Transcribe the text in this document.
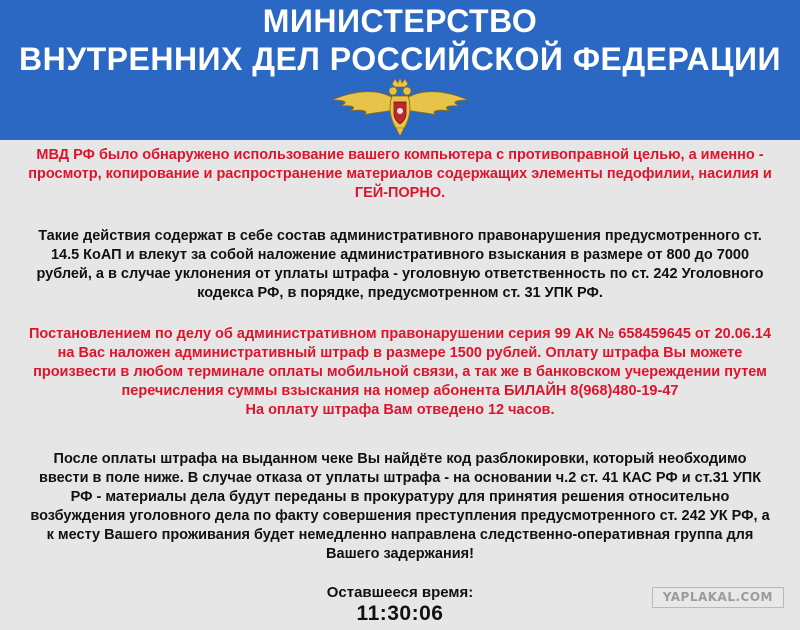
МИНИСТЕРСТВО
ВНУТРЕННИХ ДЕЛ РОССИЙСКОЙ ФЕДЕРАЦИИ
МВД РФ было обнаружено использование вашего компьютера с противоправной целью, а именно -
просмотр, копирование и распространение материалов содержащих элементы педофилии, насилия и
ГЕЙ-ПОРНО.
Такие действия содержат в себе состав административного правонарушения предусмотренного ст.
14.5 КоАП и влекут за собой наложение административного взыскания в размере от 800 до 7000
рублей, а в случае уклонения от уплаты штрафа - уголовную ответственность по ст. 242 Уголовного
кодекса РФ, в порядке, предусмотренном ст. 31 УПК РФ.
Постановлением по делу об административном правонарушении серия 99 АК № 658459645 от 20.06.14
на Вас наложен административный штраф в размере 1500 рублей. Оплату штрафа Вы можете
произвести в любом терминале оплаты мобильной связи, а так же в банковском учереждении путем
перечисления суммы взыскания на номер абонента БИЛАЙН 8(968)480-19-47
На оплату штрафа Вам отведено 12 часов.
После оплаты штрафа на выданном чеке Вы найдёте код разблокировки, который необходимо
ввести в поле ниже. В случае отказа от уплаты штрафа - на основании ч.2 ст. 41 КАС РФ и ст.31 УПК
РФ - материалы дела будут переданы в прокуратуру для принятия решения относительно
возбуждения уголовного дела по факту совершения преступления предусмотренного ст. 242 УК РФ, а
к месту Вашего проживания будет немедленно направлена следственно-оперативная группа для
Вашего задержания!
Оставшееся время:
11:30:06
YAPLAKAL.COM
